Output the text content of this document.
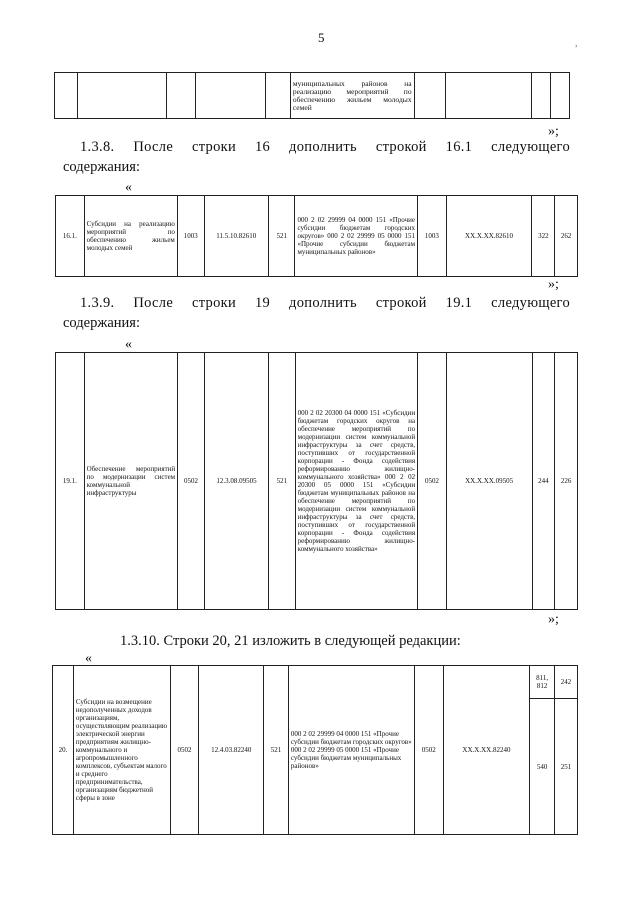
5	,
					муниципальных районов на реализацию мероприятий по обеспечению жильем молодых семей				
»;
1.3.8. После строки 16 дополнить строкой 16.1 следующего
содержания:
«
16.1.	Субсидии на реализацию мероприятий по обеспечению жильем молодых семей	1003	11.5.10.82610	521	000 2 02 29999 04 0000 151 «Прочие субсидии бюджетам городских округов» 000 2 02 29999 05 0000 151 «Прочие субсидии бюджетам муниципальных районов»	1003	XX.X.XX.82610	322	262
»;
1.3.9. После строки 19 дополнить строкой 19.1 следующего
содержания:
«
19.1.	Обеспечение мероприятий по модернизации систем коммунальной инфраструктуры	0502	12.3.08.09505	521	000 2 02 20300 04 0000 151 «Субсидии бюджетам городских округов на обеспечение мероприятий по модернизации систем коммунальной инфраструктуры за счет средств, поступивших от государственной корпорации - Фонда содействия реформированию жилищно-коммунального хозяйства» 000 2 02 20300 05 0000 151 «Субсидии бюджетам муниципальных районов на обеспечение мероприятий по модернизации систем коммунальной инфраструктуры за счет средств, поступивших от государственной корпорации - Фонда содействия реформированию жилищно-коммунального хозяйства»	0502	XX.X.XX.09505	244	226
»;
1.3.10. Строки 20, 21 изложить в следующей редакции:
«
20.	Субсидии на возмещение недополученных доходов организациям, осуществляющим реализацию электрической энергии предприятиям жилищно-коммунального и агропромышленного комплексов, субъектам малого и среднего предпринимательства, организациям бюджетной сферы в зоне	0502	12.4.03.82240	521	000 2 02 29999 04 0000 151 «Прочие субсидии бюджетам городских округов» 000 2 02 29999 05 0000 151 «Прочие субсидии бюджетам муниципальных районов»	0502	XX.X.XX.82240	811, 812	242
								540	251
